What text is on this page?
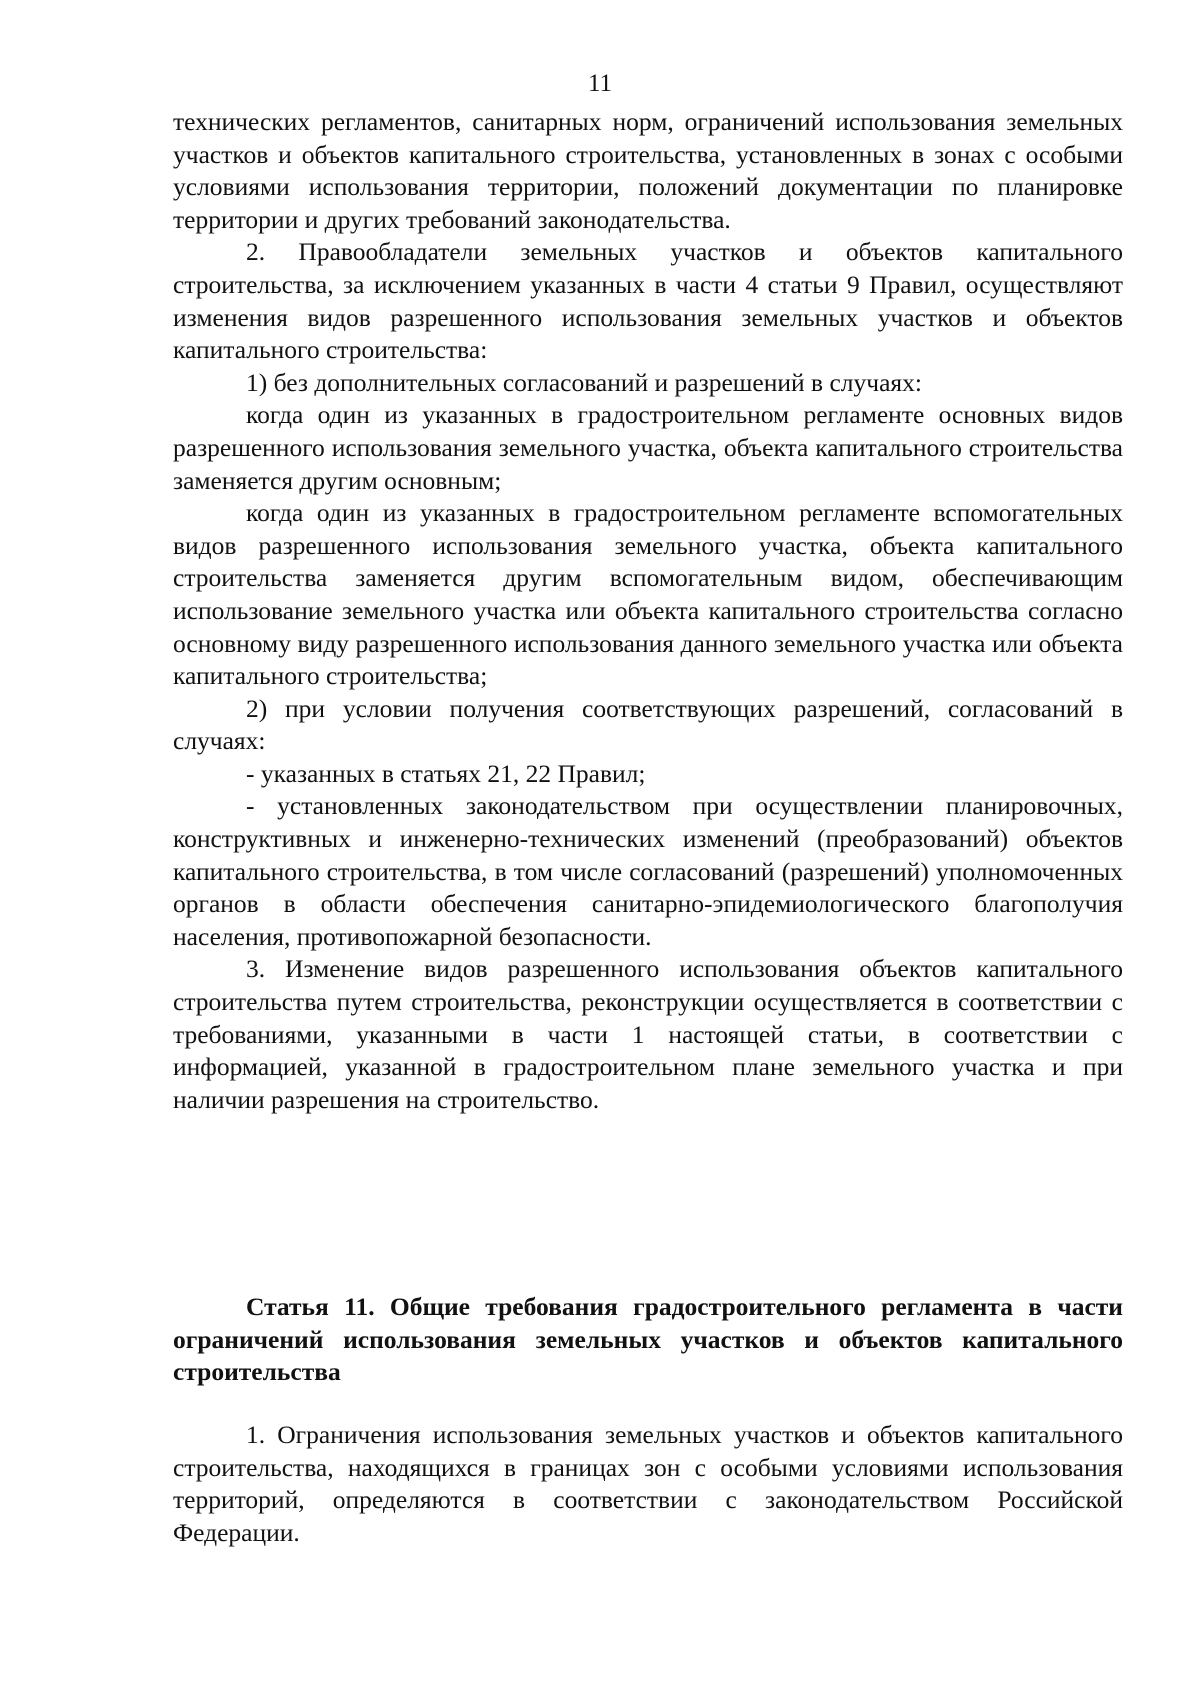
11

технических регламентов, санитарных норм, ограничений использования земельных участков и объектов капитального строительства, установленных в зонах с особыми условиями использования территории, положений документации по планировке территории и других требований законодательства.

2. Правообладатели земельных участков и объектов капитального строительства, за исключением указанных в части 4 статьи 9 Правил, осуществляют изменения видов разрешенного использования земельных участков и объектов капитального строительства:

1) без дополнительных согласований и разрешений в случаях:

когда один из указанных в градостроительном регламенте основных видов разрешенного использования земельного участка, объекта капитального строительства заменяется другим основным;

когда один из указанных в градостроительном регламенте вспомогательных видов разрешенного использования земельного участка, объекта капитального строительства заменяется другим вспомогательным видом, обеспечивающим использование земельного участка или объекта капитального строительства согласно основному виду разрешенного использования данного земельного участка или объекта капитального строительства;

2) при условии получения соответствующих разрешений, согласований в случаях:

- указанных в статьях 21, 22 Правил;

- установленных законодательством при осуществлении планировочных, конструктивных и инженерно-технических изменений (преобразований) объектов капитального строительства, в том числе согласований (разрешений) уполномоченных органов в области обеспечения санитарно-эпидемиологического благополучия населения, противопожарной безопасности.

3. Изменение видов разрешенного использования объектов капитального строительства путем строительства, реконструкции осуществляется в соответствии с требованиями, указанными в части 1 настоящей статьи, в соответствии с информацией, указанной в градостроительном плане земельного участка и при наличии разрешения на строительство.

Статья 11. Общие требования градостроительного регламента в части ограничений использования земельных участков и объектов капитального строительства

1. Ограничения использования земельных участков и объектов капитального строительства, находящихся в границах зон с особыми условиями использования территорий, определяются в соответствии с законодательством Российской Федерации.
